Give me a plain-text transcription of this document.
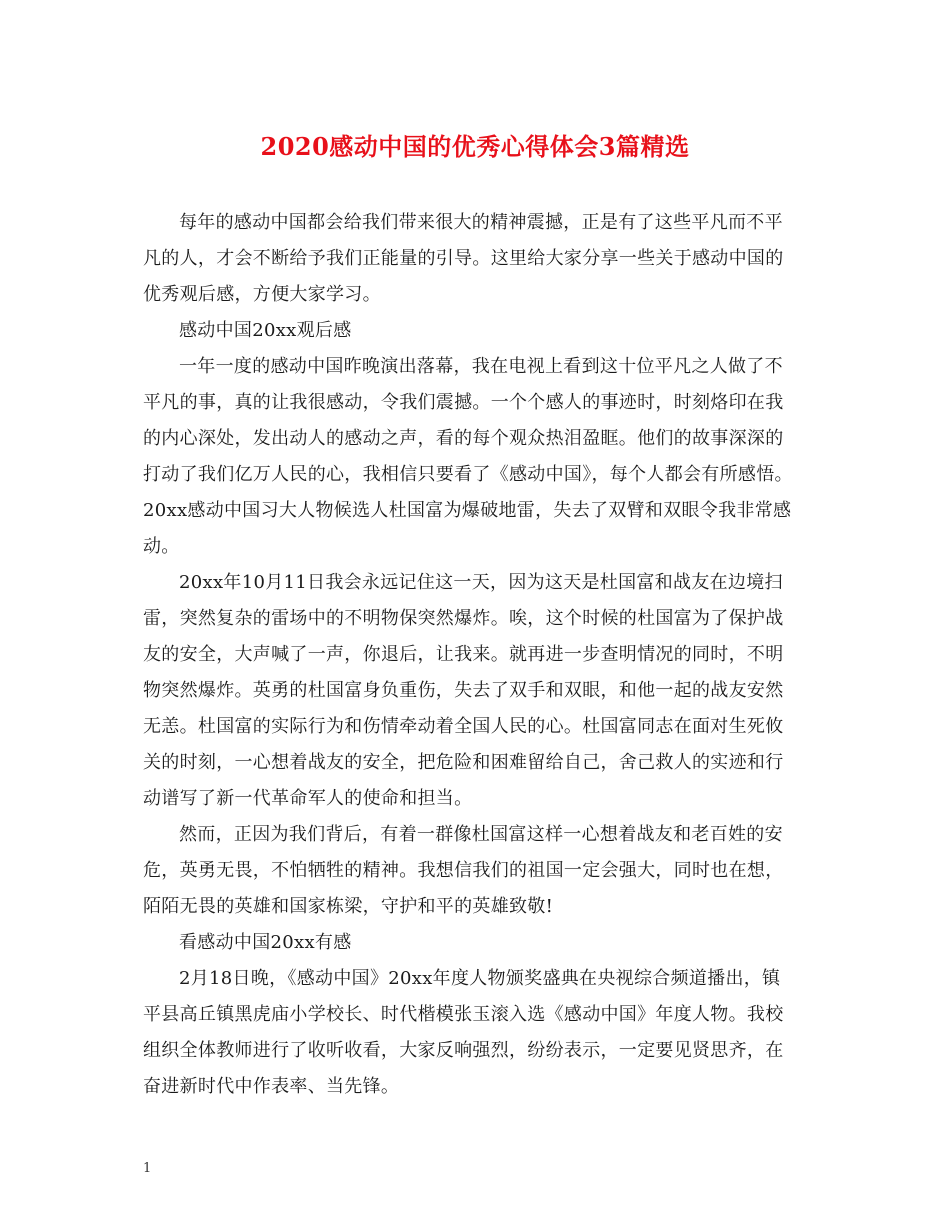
2020感动中国的优秀心得体会3篇精选
每年的感动中国都会给我们带来很大的精神震撼，正是有了这些平凡而不平
凡的人，才会不断给予我们正能量的引导。这里给大家分享一些关于感动中国的
优秀观后感，方便大家学习。
感动中国20xx观后感
一年一度的感动中国昨晚演出落幕，我在电视上看到这十位平凡之人做了不
平凡的事，真的让我很感动，令我们震撼。一个个感人的事迹时，时刻烙印在我
的内心深处，发出动人的感动之声，看的每个观众热泪盈眶。他们的故事深深的
打动了我们亿万人民的心，我相信只要看了《感动中国》，每个人都会有所感悟。
20xx感动中国习大人物候选人杜国富为爆破地雷，失去了双臂和双眼令我非常感
动。
20xx年10月11日我会永远记住这一天，因为这天是杜国富和战友在边境扫
雷，突然复杂的雷场中的不明物保突然爆炸。唉，这个时候的杜国富为了保护战
友的安全，大声喊了一声，你退后，让我来。就再进一步查明情况的同时，不明
物突然爆炸。英勇的杜国富身负重伤，失去了双手和双眼，和他一起的战友安然
无恙。杜国富的实际行为和伤情牵动着全国人民的心。杜国富同志在面对生死攸
关的时刻，一心想着战友的安全，把危险和困难留给自己，舍己救人的实迹和行
动谱写了新一代革命军人的使命和担当。
然而，正因为我们背后，有着一群像杜国富这样一心想着战友和老百姓的安
危，英勇无畏，不怕牺牲的精神。我想信我们的祖国一定会强大，同时也在想，
陌陌无畏的英雄和国家栋梁，守护和平的英雄致敬!
看感动中国20xx有感
2月18日晚，《感动中国》20xx年度人物颁奖盛典在央视综合频道播出，镇
平县高丘镇黑虎庙小学校长、时代楷模张玉滚入选《感动中国》年度人物。我校
组织全体教师进行了收听收看，大家反响强烈，纷纷表示，一定要见贤思齐，在
奋进新时代中作表率、当先锋。
1
